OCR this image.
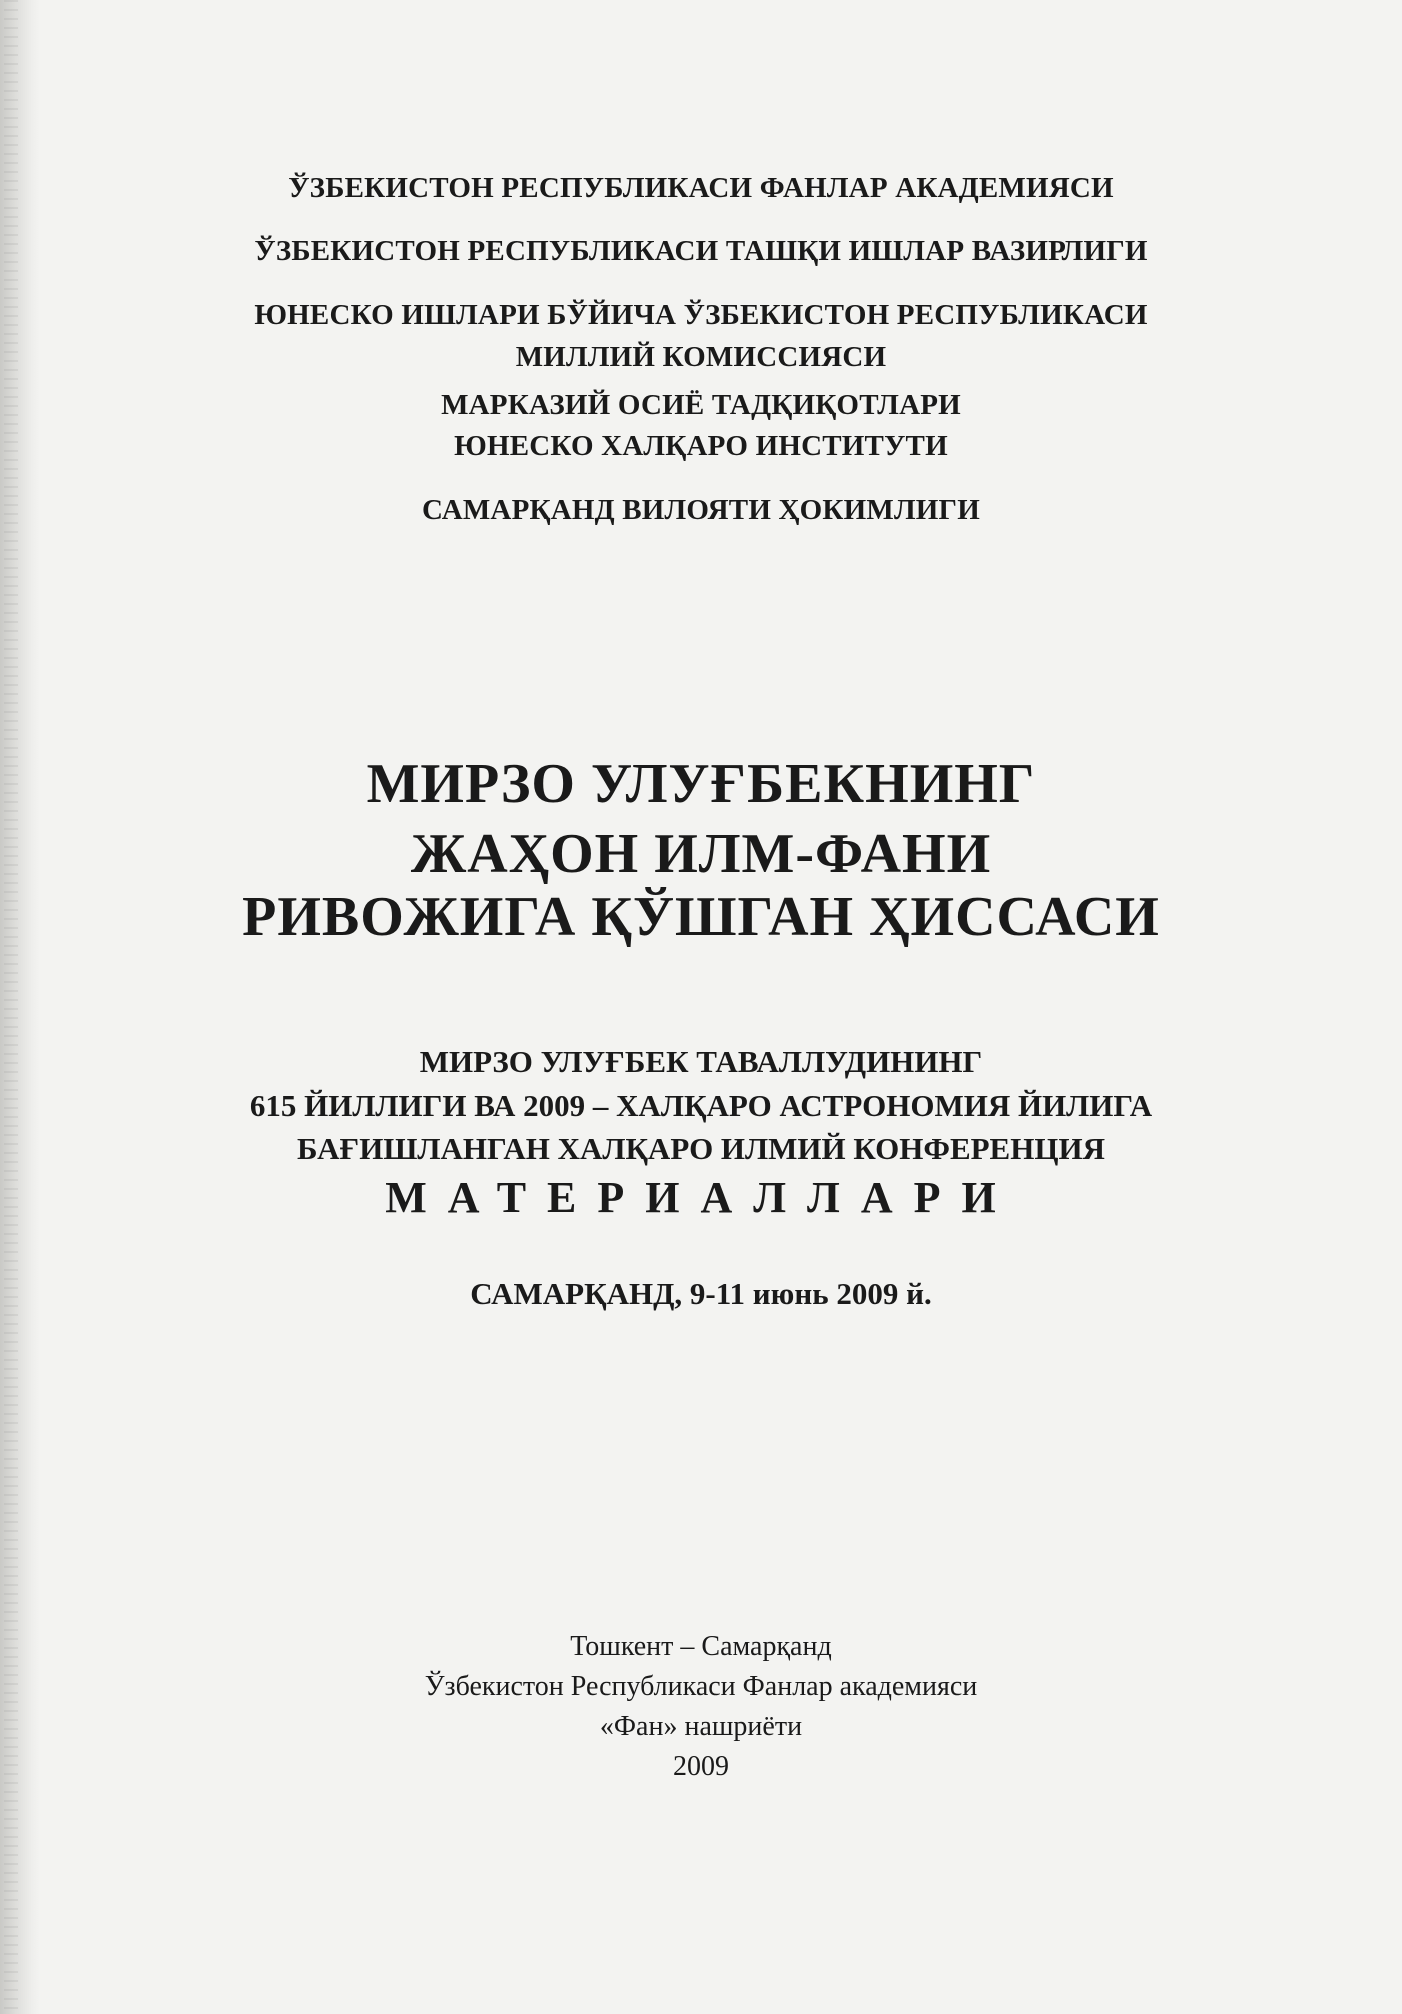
ЎЗБЕКИСТОН РЕСПУБЛИКАСИ ФАНЛАР АКАДЕМИЯСИ
ЎЗБЕКИСТОН РЕСПУБЛИКАСИ ТАШҚИ ИШЛАР ВАЗИРЛИГИ
ЮНЕСКО ИШЛАРИ БЎЙИЧА ЎЗБЕКИСТОН РЕСПУБЛИКАСИ
МИЛЛИЙ КОМИССИЯСИ
МАРКАЗИЙ ОСИЁ ТАДҚИҚОТЛАРИ
ЮНЕСКО ХАЛҚАРО ИНСТИТУТИ
САМАРҚАНД ВИЛОЯТИ ҲОКИМЛИГИ
МИРЗО УЛУҒБЕКНИНГ
ЖАҲОН ИЛМ-ФАНИ
РИВОЖИГА ҚЎШГАН ҲИССАСИ
МИРЗО УЛУҒБЕК ТАВАЛЛУДИНИНГ
615 ЙИЛЛИГИ ВА 2009 – ХАЛҚАРО АСТРОНОМИЯ ЙИЛИГА
БАҒИШЛАНГАН ХАЛҚАРО ИЛМИЙ КОНФЕРЕНЦИЯ
МАТЕРИАЛЛАРИ
САМАРҚАНД, 9-11 июнь 2009 й.
Тошкент – Самарқанд
Ўзбекистон Республикаси Фанлар академияси
«Фан» нашриёти
2009
